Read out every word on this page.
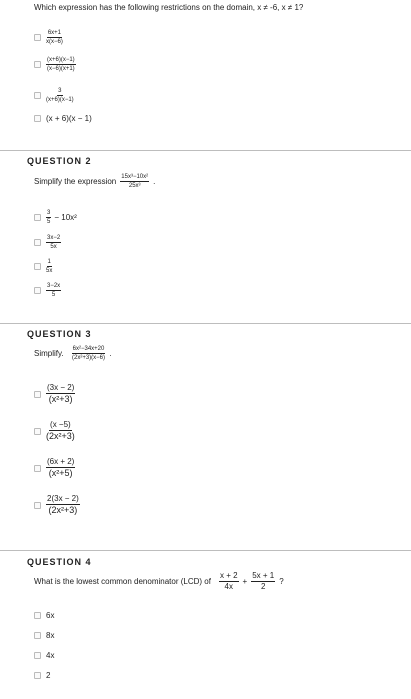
Which expression has the following restrictions on the domain, x ≠ -6, x ≠ 1?
$\frac{6x+1}{x(x-6)}$
$\frac{(x+6)(x-1)}{(x-6)(x+1)}$
$\frac{3}{(x+6)(x-1)}$
(x + 6)(x − 1)
QUESTION 2
Simplify the expression $\frac{\text{15x³−10x²}}{\text{25x³}}$ .
$\frac{3}{5} - 10x^2$
$\frac{3x-2}{5x}$
$\frac{1}{5x}$
$\frac{3-2x}{5}$
QUESTION 3
Simplify. $\frac{\text{6x²−34x+20}}{\text{(2x²+3)(x−6)}}$ .
$\frac{(3x - 2)}{\text{(x²+3)}}$
$\frac{(x -5)}{\text{(2x²+3)}}$
$\frac{(6x + 2)}{\text{(x²+5)}}$
$\frac{2(3x - 2)}{\text{(2x²+3)}}$
QUESTION 4
What is the lowest common denominator (LCD) of $\frac{x + 2}{4x} + \frac{5x + 1}{2}$ ?
6x
8x
4x
2
